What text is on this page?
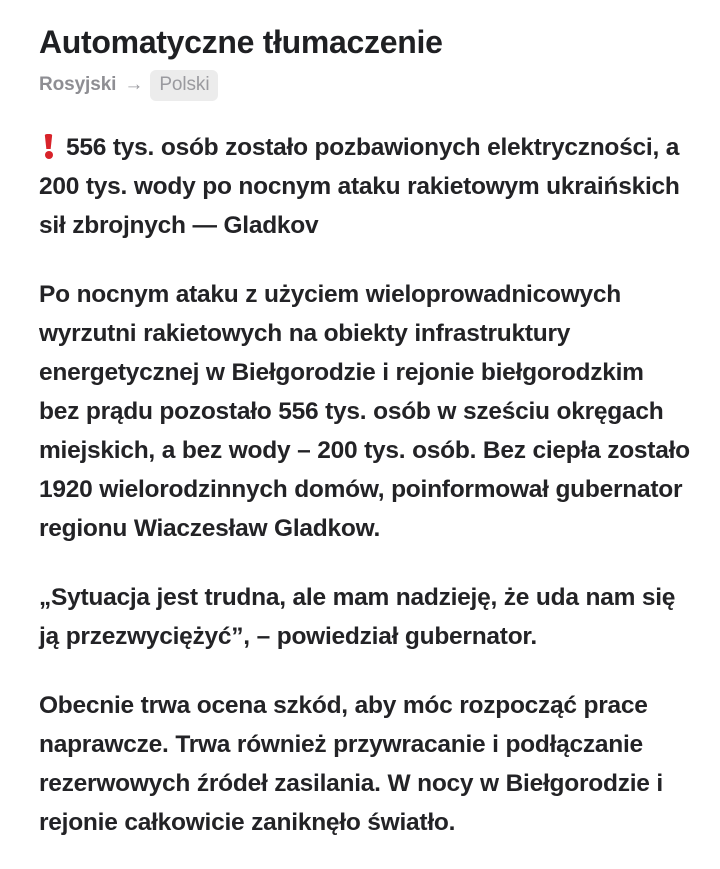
Automatyczne tłumaczenie
Rosyjski → Polski

556 tys. osób zostało pozbawionych elektryczności, a 200 tys. wody po nocnym ataku rakietowym ukraińskich sił zbrojnych — Gladkov

Po nocnym ataku z użyciem wieloprowadnicowych wyrzutni rakietowych na obiekty infrastruktury energetycznej w Biełgorodzie i rejonie biełgorodzkim bez prądu pozostało 556 tys. osób w sześciu okręgach miejskich, a bez wody – 200 tys. osób. Bez ciepła zostało 1920 wielorodzinnych domów, poinformował gubernator regionu Wiaczesław Gladkow.

„Sytuacja jest trudna, ale mam nadzieję, że uda nam się ją przezwyciężyć”, – powiedział gubernator.

Obecnie trwa ocena szkód, aby móc rozpocząć prace naprawcze. Trwa również przywracanie i podłączanie rezerwowych źródeł zasilania. W nocy w Biełgorodzie i rejonie całkowicie zaniknęło światło.
